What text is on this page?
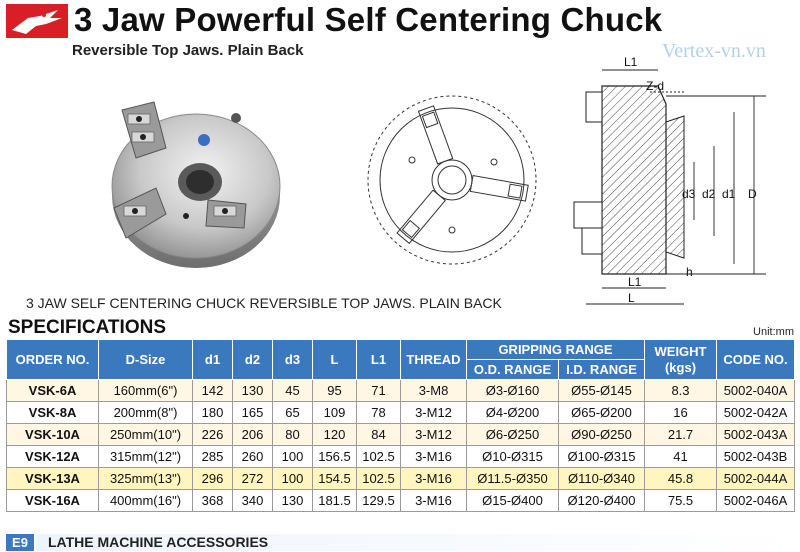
3 Jaw Powerful Self Centering Chuck
Reversible Top Jaws. Plain Back	Vertex-vn.vn
L1
Z-d
d3 d2 d1 D
h
L1
L
3 JAW SELF CENTERING CHUCK REVERSIBLE TOP JAWS. PLAIN BACK
SPECIFICATIONS	Unit:mm
ORDER NO.	D-Size	d1	d2	d3	L	L1	THREAD	GRIPPING RANGE		WEIGHT (kgs)	CODE NO.
								O.D. RANGE	I.D. RANGE		
VSK-6A	160mm(6")	142	130	45	95	71	3-M8	Ø3-Ø160	Ø55-Ø145	8.3	5002-040A
VSK-8A	200mm(8")	180	165	65	109	78	3-M12	Ø4-Ø200	Ø65-Ø200	16	5002-042A
VSK-10A	250mm(10")	226	206	80	120	84	3-M12	Ø6-Ø250	Ø90-Ø250	21.7	5002-043A
VSK-12A	315mm(12")	285	260	100	156.5	102.5	3-M16	Ø10-Ø315	Ø100-Ø315	41	5002-043B
VSK-13A	325mm(13")	296	272	100	154.5	102.5	3-M16	Ø11.5-Ø350	Ø110-Ø340	45.8	5002-044A
VSK-16A	400mm(16")	368	340	130	181.5	129.5	3-M16	Ø15-Ø400	Ø120-Ø400	75.5	5002-046A
E9	LATHE MACHINE ACCESSORIES
